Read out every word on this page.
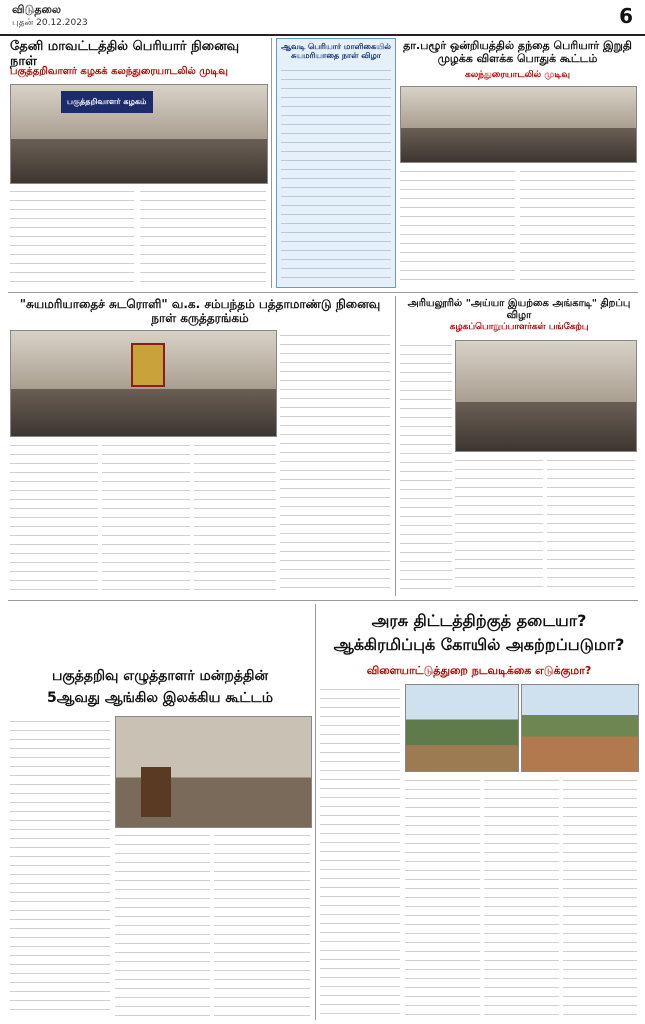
விடுதலை
புதன் 20.12.2023	6
தேனி மாவட்டத்தில் பெரியார் நினைவு நாள்
பகுத்தறிவாளர் கழகக் கலந்துரையாடலில் முடிவு
பகுத்தறிவாளர் கழகம்
ஆவடி பெரியார் மாளிகையில் சுயமரியாதை நாள் விழா
தா.பழூர் ஒன்றியத்தில் தந்தை பெரியார் இறுதி முழக்க விளக்க பொதுக் கூட்டம்
கலந்துரையாடலில் முடிவு
"சுயமரியாதைச் சுடரொளி" வ.க. சம்பந்தம் பத்தாமாண்டு நினைவு நாள் கருத்தரங்கம்
அரியலூரில் "அய்யா இயற்கை அங்காடி" திறப்பு விழா
கழகப்பொறுப்பாளர்கள் பங்கேற்பு
அரசு திட்டத்திற்குத் தடையா?
ஆக்கிரமிப்புக் கோயில் அகற்றப்படுமா?
விளையாட்டுத்துறை நடவடிக்கை எடுக்குமா?
பகுத்தறிவு எழுத்தாளர் மன்றத்தின்
5ஆவது ஆங்கில இலக்கிய கூட்டம்
